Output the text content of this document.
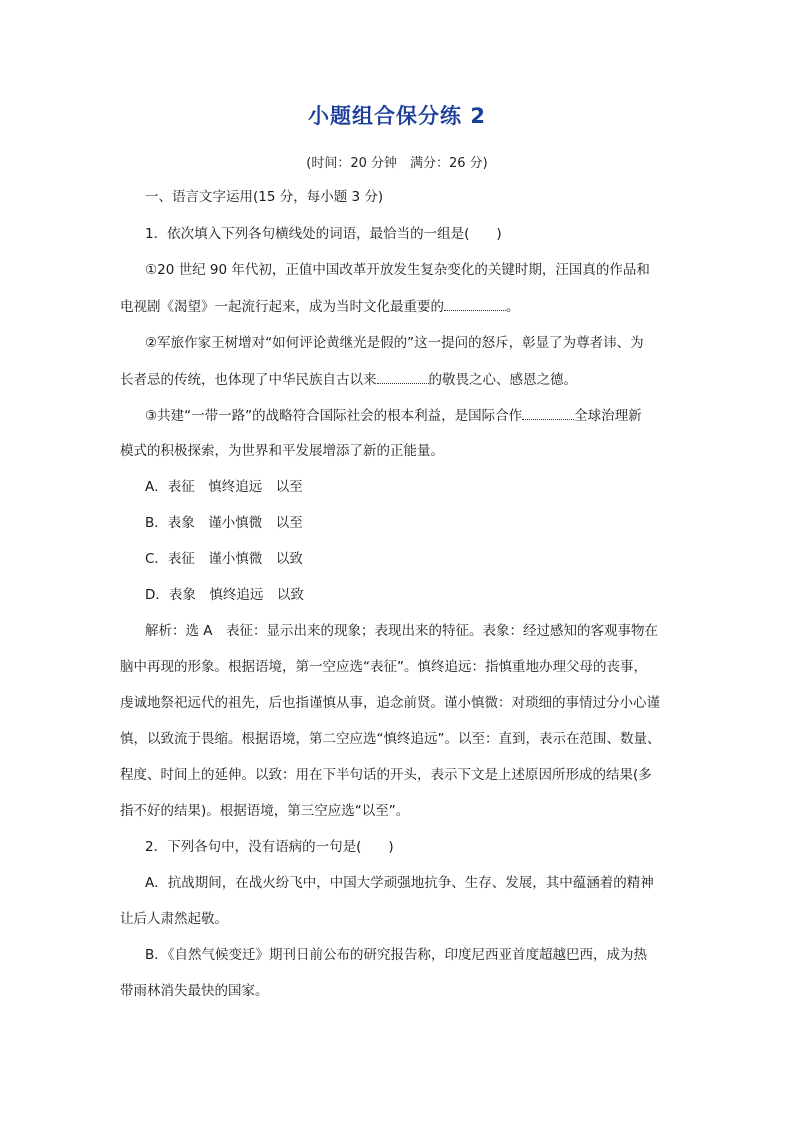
小题组合保分练 2
(时间：20 分钟　满分：26 分)
一、语言文字运用(15 分，每小题 3 分)
1．依次填入下列各句横线处的词语，最恰当的一组是(　　)
①20 世纪 90 年代初，正值中国改革开放发生复杂变化的关键时期，汪国真的作品和
电视剧《渴望》一起流行起来，成为当时文化最重要的	。
②军旅作家王树增对“如何评论黄继光是假的”这一提问的怒斥，彰显了为尊者讳、为
长者忌的传统，也体现了中华民族自古以来	的敬畏之心、感恩之德。
③共建“一带一路”的战略符合国际社会的根本利益，是国际合作	全球治理新
模式的积极探索，为世界和平发展增添了新的正能量。
A．表征　慎终追远　以至
B．表象　谨小慎微　以至
C．表征　谨小慎微　以致
D．表象　慎终追远　以致
解析：选 A　表征：显示出来的现象；表现出来的特征。表象：经过感知的客观事物在
脑中再现的形象。根据语境，第一空应选“表征”。慎终追远：指慎重地办理父母的丧事，
虔诚地祭祀远代的祖先，后也指谨慎从事，追念前贤。谨小慎微：对琐细的事情过分小心谨
慎，以致流于畏缩。根据语境，第二空应选“慎终追远”。以至：直到，表示在范围、数量、
程度、时间上的延伸。以致：用在下半句话的开头，表示下文是上述原因所形成的结果(多
指不好的结果)。根据语境，第三空应选“以至”。
2．下列各句中，没有语病的一句是(　　)
A．抗战期间，在战火纷飞中，中国大学顽强地抗争、生存、发展，其中蕴涵着的精神
让后人肃然起敬。
B．《自然气候变迁》期刊日前公布的研究报告称，印度尼西亚首度超越巴西，成为热
带雨林消失最快的国家。
